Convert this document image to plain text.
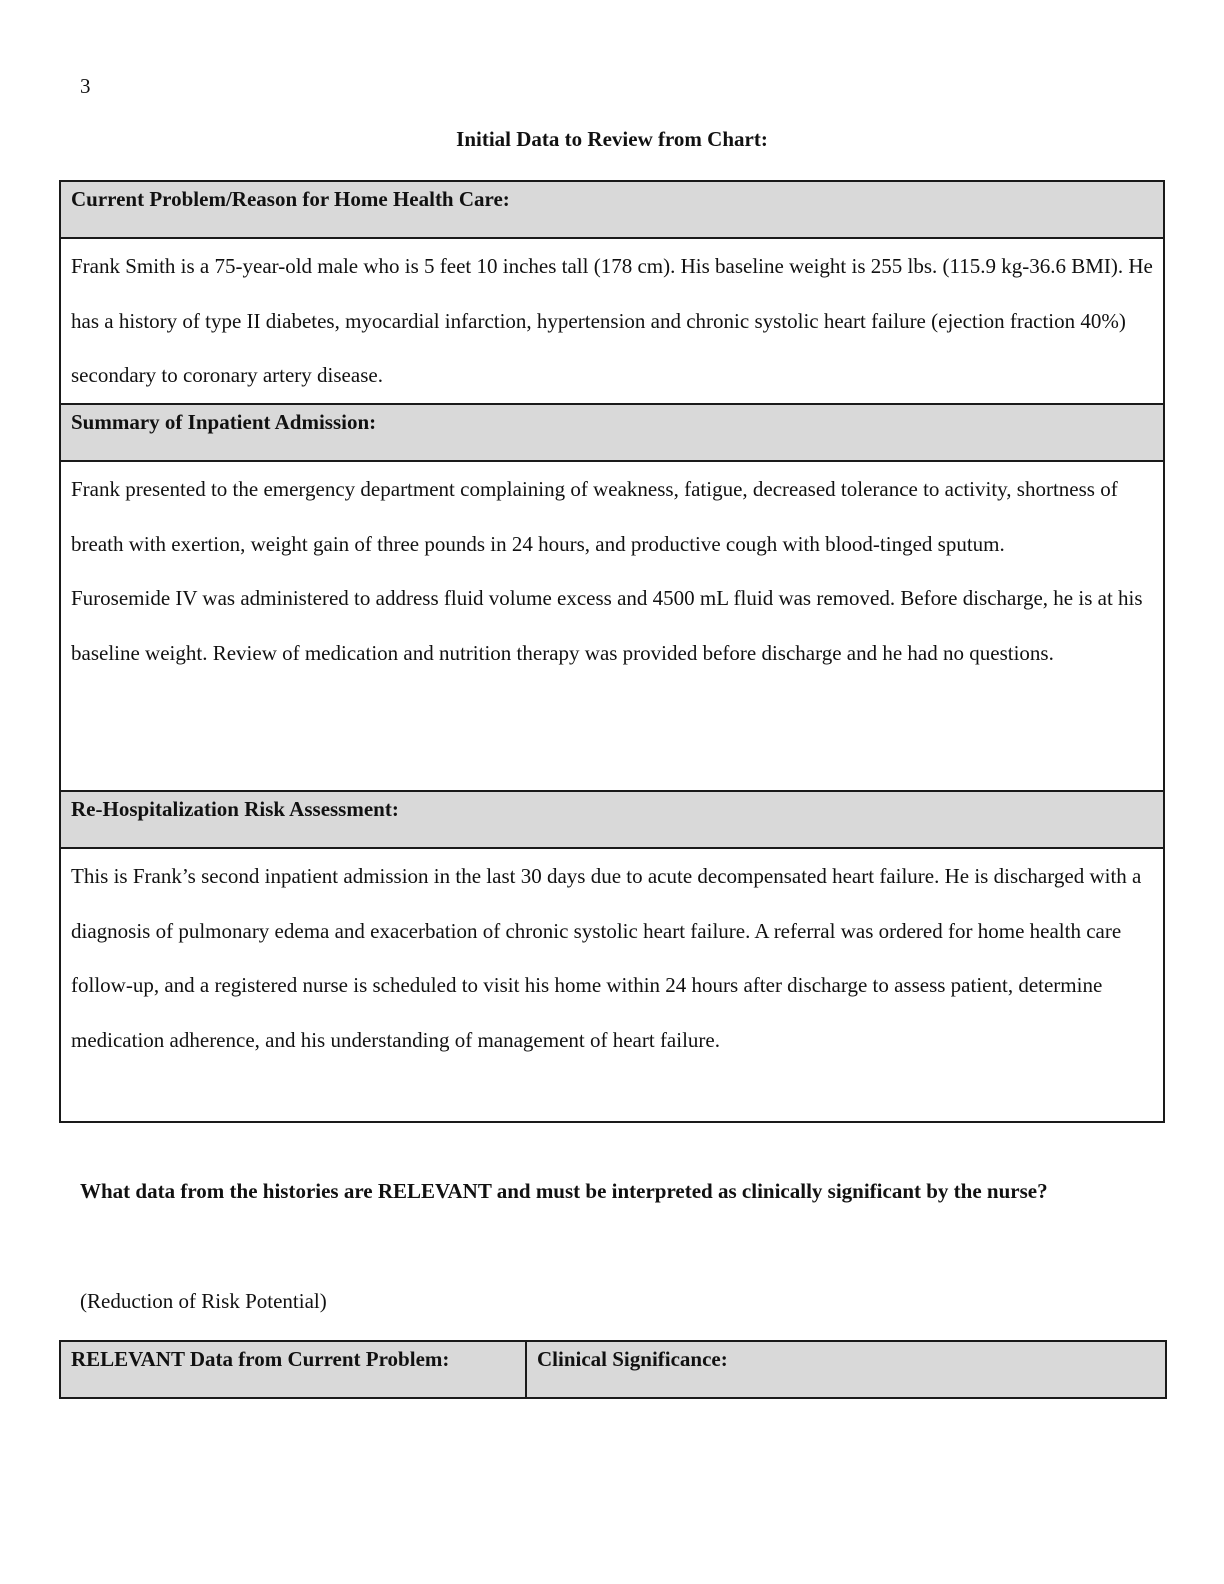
3
Initial Data to Review from Chart:
Current Problem/Reason for Home Health Care:

Frank Smith is a 75-year-old male who is 5 feet 10 inches tall (178 cm). His baseline weight is 255 lbs. (115.9 kg-36.6 BMI). He has a history of type II diabetes, myocardial infarction, hypertension and chronic systolic heart failure (ejection fraction 40%) secondary to coronary artery disease.

Summary of Inpatient Admission:

Frank presented to the emergency department complaining of weakness, fatigue, decreased tolerance to activity, shortness of breath with exertion, weight gain of three pounds in 24 hours, and productive cough with blood-tinged sputum.

Furosemide IV was administered to address fluid volume excess and 4500 mL fluid was removed. Before discharge, he is at his baseline weight. Review of medication and nutrition therapy was provided before discharge and he had no questions.

Re-Hospitalization Risk Assessment:

This is Frank’s second inpatient admission in the last 30 days due to acute decompensated heart failure. He is discharged with a diagnosis of pulmonary edema and exacerbation of chronic systolic heart failure. A referral was ordered for home health care follow-up, and a registered nurse is scheduled to visit his home within 24 hours after discharge to assess patient, determine medication adherence, and his understanding of management of heart failure.

What data from the histories are RELEVANT and must be interpreted as clinically significant by the nurse?
(Reduction of Risk Potential)
RELEVANT Data from Current Problem:	Clinical Significance:
